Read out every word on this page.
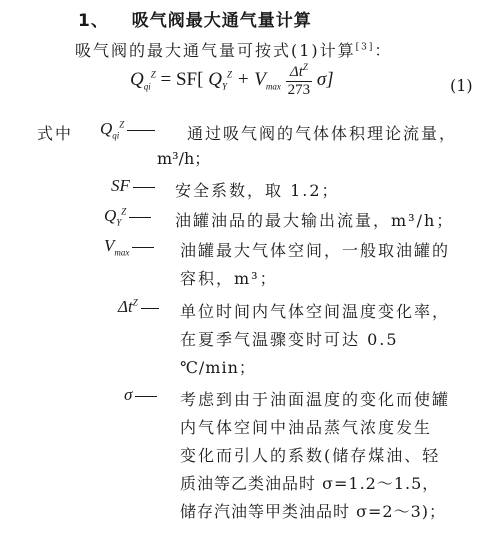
1、 吸气阀最大通气量计算
吸气阀的最大通气量可按式(1)计算[3]：
$Q_{qi}^Z = SF$[ $Q_Y^Z + V_{max} \frac{\Delta t^Z}{273} \sigma$]	(1)
式中 $Q_{qi}^Z$	通过吸气阀的气体体积理论流量，
m³/h；
SF	安全系数，取 1.2；
$Q_Y^Z$	油罐油品的最大输出流量，m³/h；
$V_{max}$	油罐最大气体空间，一般取油罐的
容积，m³；
$\Delta t^Z$	单位时间内气体空间温度变化率，
在夏季气温骤变时可达 0.5
℃/min；
σ	考虑到由于油面温度的变化而使罐
内气体空间中油品蒸气浓度发生
变化而引人的系数(储存煤油、轻
质油等乙类油品时 σ=1.2～1.5，
储存汽油等甲类油品时 σ=2～3)；
